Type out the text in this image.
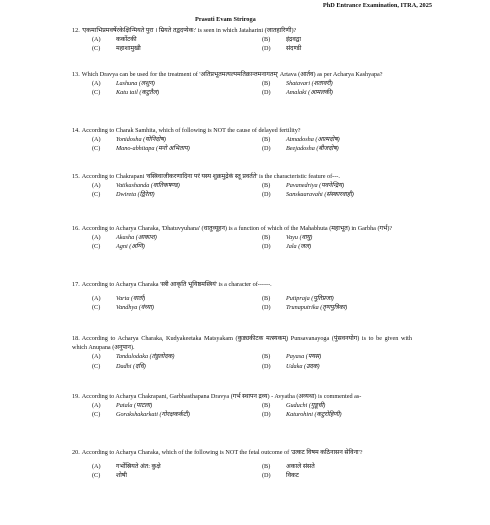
PhD Entrance Examination, ITRA, 2025
Prasuti Evam Striroga
12. 'एकमाभिप्रमवर्षेरकेक्षिन्मियते पुरा । म्रियते तद्वदप्येक:' is seen in which Jataharini (जातहारिणी)?
(A) कर्कोटकी	(B)	इंद्रवद्वा
(C)	महाशामुखी	(D) संदण्डी
13. Which Dravya can be used for the treatment of 'अतिप्रभूतमत्यल्पमतिक्रान्तमनागतम्' Artava (आर्तव) as per Acharya Kashyapa?
(A) Lashuna (लशुन)	(B)	Shatavari (शतावरी)
(C)	Katu tail (कटुतैल)	(D) Amalaki (आमलकी)
14. According to Charak Samhita, which of following is NOT the cause of delayed fertility?
(A) Yonidosha (योनिदोष)	(B)	Atmadosha (आत्मदोष)
(C)	Mano-abhitapa (मनो अभिताप)	(D) Beejadosha (बीजदोष)
15. According to Chakrapani 'वस्त्रिवाजीकरणादिना परं यस्य शुक्रमुद्रेकं स्तू प्रवर्तते' is the characteristic feature of---.
(A) Vatikashanda (वातिकषण्ड)	(B)	Pavanedriya (पवनेन्द्रिय)
(C)	Dwireta (द्विरेता)	(D) Sanskaaravahi (संस्कारवाही)
16. According to Acharya Charaka, 'Dhatuvyuhana' (धातुव्यूहन) is a function of which of the Mahabhuta (महाभूत) in Garbha (गर्भ)?
(A) Akasha (आकाश)	(B)	Vayu (वायु)
(C)	Agni (अग्नि)	(D) Jala (जल)
17. According to Acharya Charaka 'स्त्री आकृति भूयिष्ठमस्त्रियं' is a character of------.
(A) Varta (वार्ता)	(B)	Putipraja (पूतिप्रजा)
(C)	Vandhya (वंध्या)	(D) Trunaputrika (तृणपुत्रिका)
18. According to Acharya Charaka, Kudyakeetaka Matsyakam (कुड्यकीटक मत्स्यकम्) Punsavanayoga (पुंसवनयोग) is to be given with which Anupana (अनुपान).
(A) Tandulodaka (तंडुलोदक)	(B)	Payasa (पयस)
(C)	Dadhi (दधि)	(D) Udaka (उदक)
19. According to Acharya Chakrapani, Garbhasthapana Dravya (गर्भ स्थापन द्रव्य) - Avyatha (अव्यथा) is commented as-
(A) Patala (पाटला)	(B)	Guduchi (गुडूची)
(C)	Gorakshakarkati (गोरक्षकर्कटी)	(D) Katurohini (कटुरोहिणी)
20. According to Acharya Charaka, which of the following is NOT the fetal outcome of 'उत्कट विषम कठिनासन सेविना'?
(A) गर्भोस्रियते अंत: कुक्षे	(B)	अकाले संसते
(C)	शोषी	(D) विकट
